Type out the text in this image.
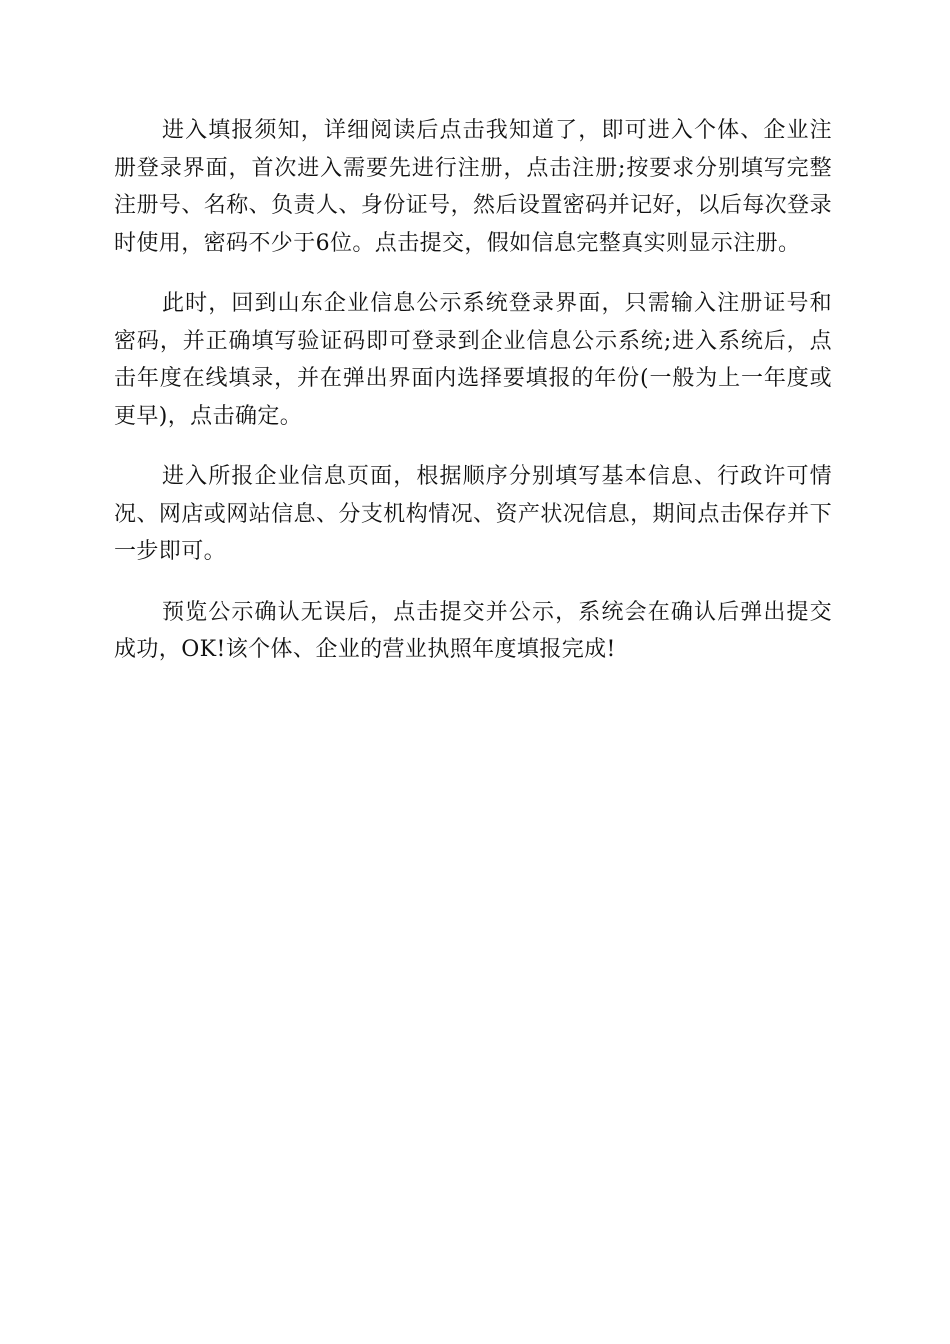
进入填报须知，详细阅读后点击我知道了，即可进入个体、企业注册登录界面，首次进入需要先进行注册，点击注册;按要求分别填写完整注册号、名称、负责人、身份证号，然后设置密码并记好，以后每次登录时使用，密码不少于6位。点击提交，假如信息完整真实则显示注册。

此时，回到山东企业信息公示系统登录界面，只需输入注册证号和密码，并正确填写验证码即可登录到企业信息公示系统;进入系统后，点击年度在线填录，并在弹出界面内选择要填报的年份(一般为上一年度或更早)，点击确定。

进入所报企业信息页面，根据顺序分别填写基本信息、行政许可情况、网店或网站信息、分支机构情况、资产状况信息，期间点击保存并下一步即可。

预览公示确认无误后，点击提交并公示，系统会在确认后弹出提交成功，OK!该个体、企业的营业执照年度填报完成!
